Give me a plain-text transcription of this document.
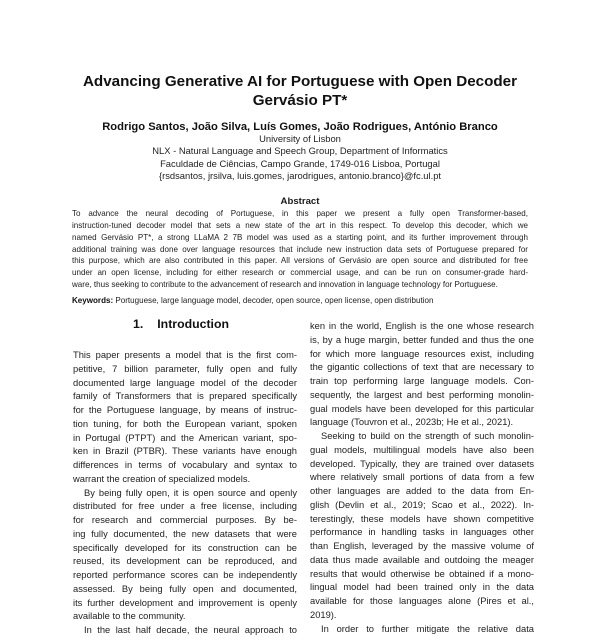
Advancing Generative AI for Portuguese with Open Decoder
Gervásio PT*
Rodrigo Santos, João Silva, Luís Gomes, João Rodrigues, António Branco
University of Lisbon
NLX - Natural Language and Speech Group, Department of Informatics
Faculdade de Ciências, Campo Grande, 1749-016 Lisboa, Portugal
{rsdsantos, jrsilva, luis.gomes, jarodrigues, antonio.branco}@fc.ul.pt
Abstract
To advance the neural decoding of Portuguese, in this paper we present a fully open Transformer-based,
instruction-tuned decoder model that sets a new state of the art in this respect. To develop this decoder, which we
named Gervásio PT*, a strong LLaMA 2 7B model was used as a starting point, and its further improvement through
additional training was done over language resources that include new instruction data sets of Portuguese prepared for
this purpose, which are also contributed in this paper. All versions of Gervásio are open source and distributed for free
under an open license, including for either research or commercial usage, and can be run on consumer-grade hard-
ware, thus seeking to contribute to the advancement of research and innovation in language technology for Portuguese.
Keywords: Portuguese, large language model, decoder, open source, open license, open distribution
1. Introduction
This paper presents a model that is the first com-
petitive, 7 billion parameter, fully open and fully
documented large language model of the decoder
family of Transformers that is prepared specifically
for the Portuguese language, by means of instruc-
tion tuning, for both the European variant, spoken
in Portugal (PTPT) and the American variant, spo-
ken in Brazil (PTBR). These variants have enough
differences in terms of vocabulary and syntax to
warrant the creation of specialized models.
By being fully open, it is open source and openly
distributed for free under a free license, including
for research and commercial purposes. By be-
ing fully documented, the new datasets that were
specifically developed for its construction can be
reused, its development can be reproduced, and
reported performance scores can be independently
assessed. By being fully open and documented,
its further development and improvement is openly
available to the community.
In the last half decade, the neural approach to
ken in the world, English is the one whose research
is, by a huge margin, better funded and thus the one
for which more language resources exist, including
the gigantic collections of text that are necessary to
train top performing large language models. Con-
sequently, the largest and best performing monolin-
gual models have been developed for this particular
language (Touvron et al., 2023b; He et al., 2021).
Seeking to build on the strength of such monolin-
gual models, multilingual models have also been
developed. Typically, they are trained over datasets
where relatively small portions of data from a few
other languages are added to the data from En-
glish (Devlin et al., 2019; Scao et al., 2022). In-
terestingly, these models have shown competitive
performance in handling tasks in languages other
than English, leveraged by the massive volume of
data thus made available and outdoing the meager
results that would otherwise be obtained if a mono-
lingual model had been trained only in the data
available for those languages alone (Pires et al.,
2019).
In order to further mitigate the relative data
